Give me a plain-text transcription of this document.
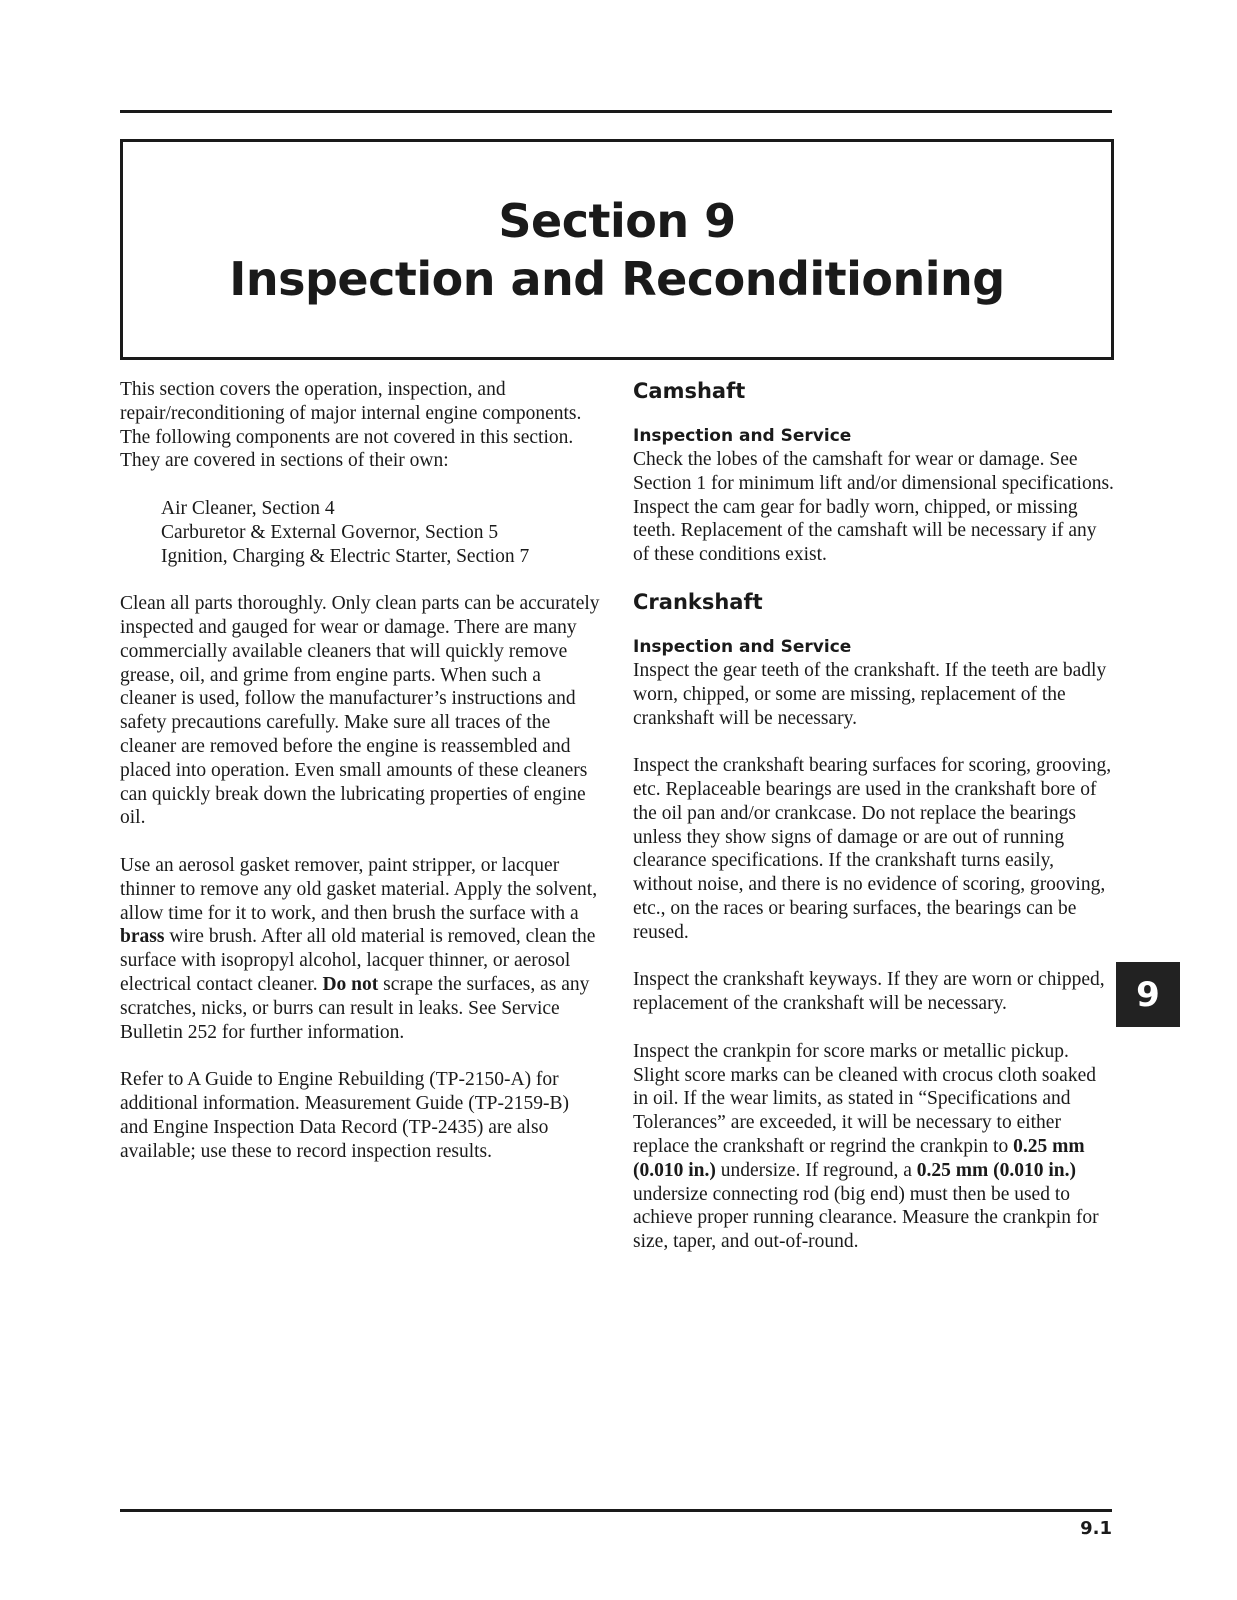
Section 9
Inspection and Reconditioning

This section covers the operation, inspection, and repair/reconditioning of major internal engine components. The following components are not covered in this section. They are covered in sections of their own:

Air Cleaner, Section 4
Carburetor & External Governor, Section 5
Ignition, Charging & Electric Starter, Section 7

Clean all parts thoroughly. Only clean parts can be accurately inspected and gauged for wear or damage. There are many commercially available cleaners that will quickly remove grease, oil, and grime from engine parts. When such a cleaner is used, follow the manufacturer’s instructions and safety precautions carefully. Make sure all traces of the cleaner are removed before the engine is reassembled and placed into operation. Even small amounts of these cleaners can quickly break down the lubricating properties of engine oil.

Use an aerosol gasket remover, paint stripper, or lacquer thinner to remove any old gasket material. Apply the solvent, allow time for it to work, and then brush the surface with a brass wire brush. After all old material is removed, clean the surface with isopropyl alcohol, lacquer thinner, or aerosol electrical contact cleaner. Do not scrape the surfaces, as any scratches, nicks, or burrs can result in leaks. See Service Bulletin 252 for further information.

Refer to A Guide to Engine Rebuilding (TP-2150-A) for additional information. Measurement Guide (TP-2159-B) and Engine Inspection Data Record (TP-2435) are also available; use these to record inspection results.

Camshaft
Inspection and Service

Check the lobes of the camshaft for wear or damage. See Section 1 for minimum lift and/or dimensional specifications. Inspect the cam gear for badly worn, chipped, or missing teeth. Replacement of the camshaft will be necessary if any of these conditions exist.

Crankshaft
Inspection and Service

Inspect the gear teeth of the crankshaft. If the teeth are badly worn, chipped, or some are missing, replacement of the crankshaft will be necessary.

Inspect the crankshaft bearing surfaces for scoring, grooving, etc. Replaceable bearings are used in the crankshaft bore of the oil pan and/or crankcase. Do not replace the bearings unless they show signs of damage or are out of running clearance specifications. If the crankshaft turns easily, without noise, and there is no evidence of scoring, grooving, etc., on the races or bearing surfaces, the bearings can be reused.

Inspect the crankshaft keyways. If they are worn or chipped, replacement of the crankshaft will be necessary.

Inspect the crankpin for score marks or metallic pickup. Slight score marks can be cleaned with crocus cloth soaked in oil. If the wear limits, as stated in “Specifications and Tolerances” are exceeded, it will be necessary to either replace the crankshaft or regrind the crankpin to 0.25 mm (0.010 in.) undersize. If reground, a 0.25 mm (0.010 in.) undersize connecting rod (big end) must then be used to achieve proper running clearance. Measure the crankpin for size, taper, and out-of-round.

9
9.1
